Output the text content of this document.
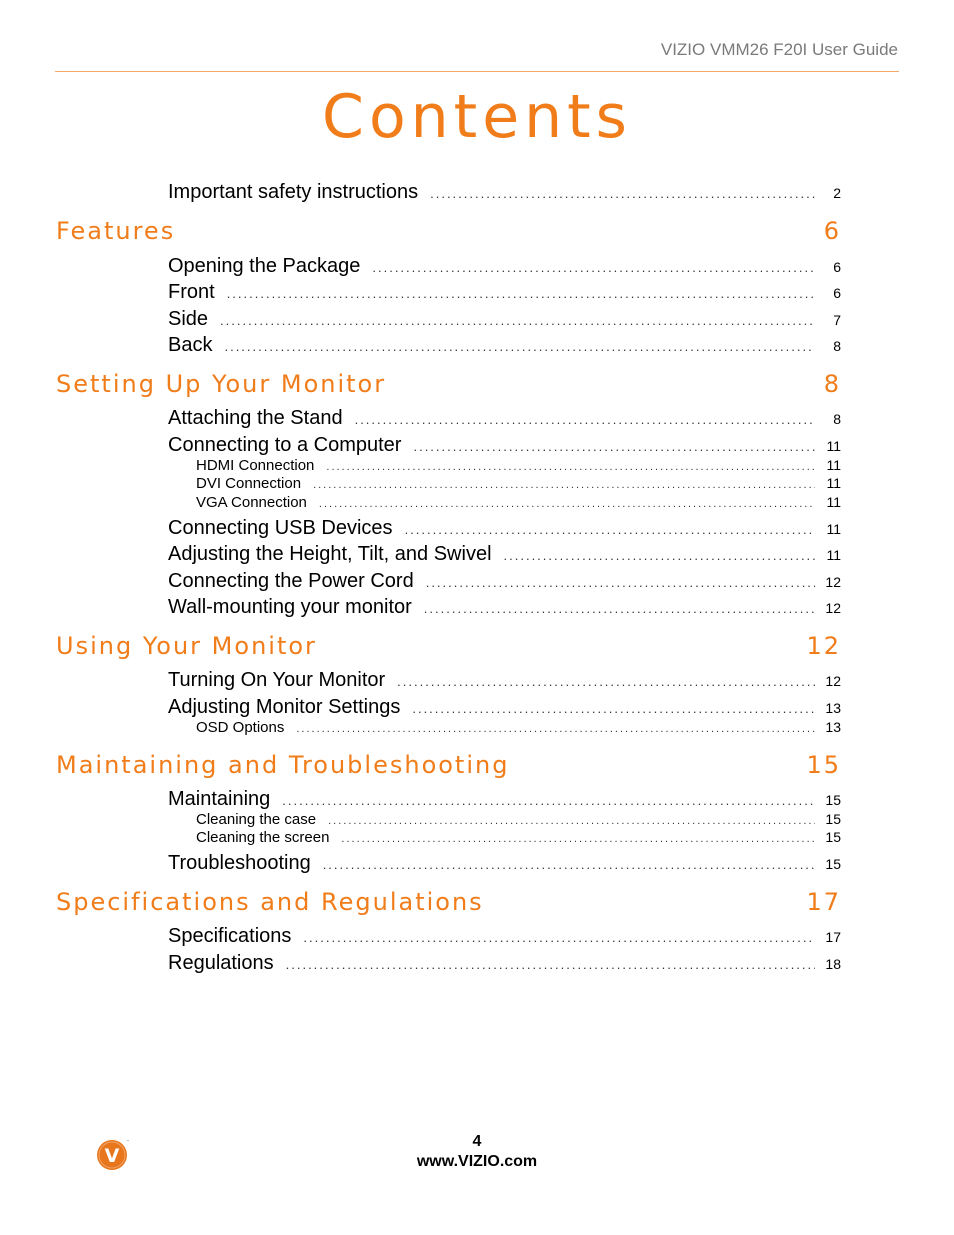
VIZIO VMM26 F20I User Guide
Contents
Important safety instructions .....	2
Features	6
Opening the Package .....	6
Front .....	6
Side .....	7
Back .....	8
Setting Up Your Monitor	8
Attaching the Stand .....	8
Connecting to a Computer .....	11
HDMI Connection .....	11
DVI Connection .....	11
VGA Connection .....	11
Connecting USB Devices .....	11
Adjusting the Height, Tilt, and Swivel .....	11
Connecting the Power Cord .....	12
Wall-mounting your monitor .....	12
Using Your Monitor	12
Turning On Your Monitor .....	12
Adjusting Monitor Settings .....	13
OSD Options .....	13
Maintaining and Troubleshooting	15
Maintaining .....	15
Cleaning the case .....	15
Cleaning the screen .....	15
Troubleshooting .....	15
Specifications and Regulations	17
Specifications .....	17
Regulations .....	18
V
™	4
www.VIZIO.com
